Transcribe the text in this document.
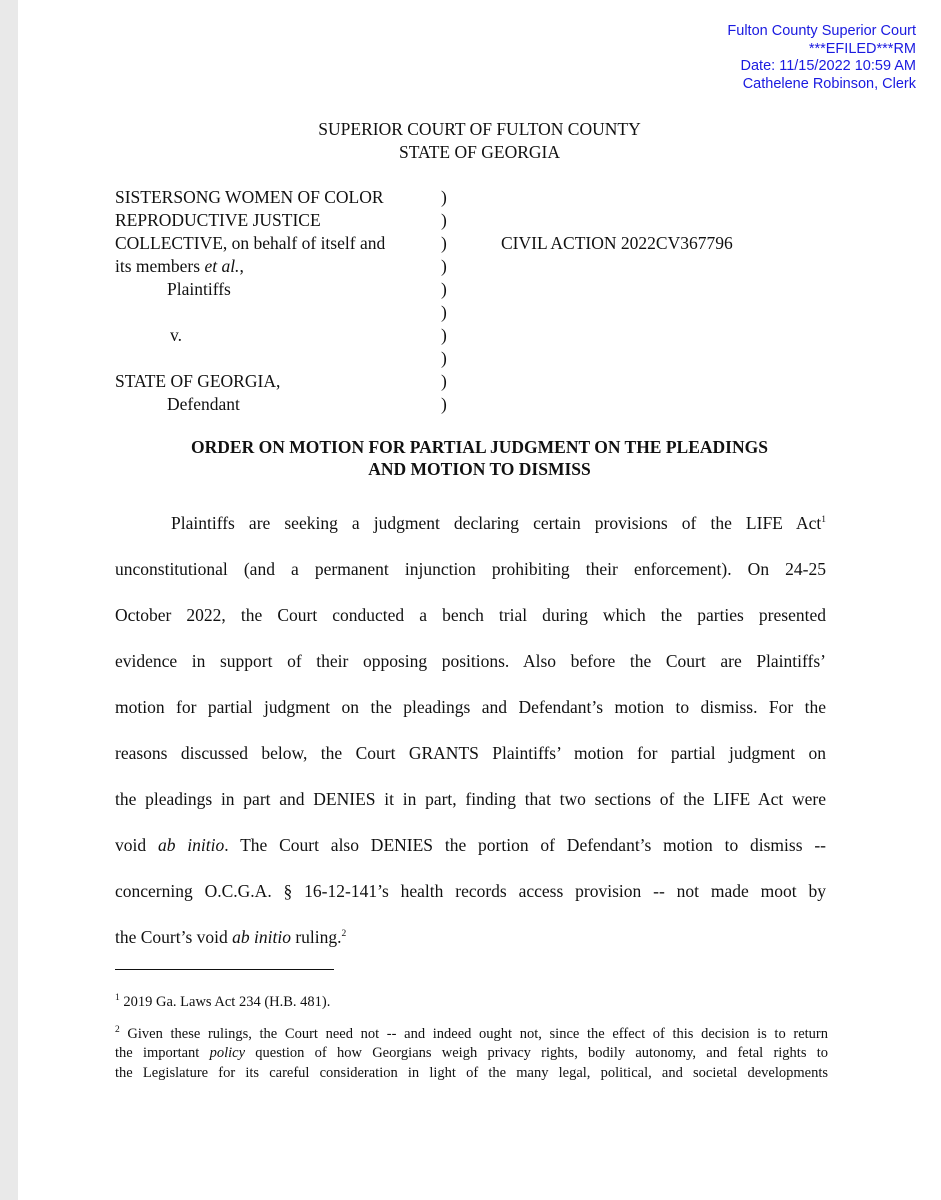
Fulton County Superior Court
***EFILED***RM
Date: 11/15/2022 10:59 AM
Cathelene Robinson, Clerk
SUPERIOR COURT OF FULTON COUNTY
STATE OF GEORGIA
SISTERSONG WOMEN OF COLOR
REPRODUCTIVE JUSTICE
COLLECTIVE, on behalf of itself and
its members et al.,
Plaintiffs
v.
STATE OF GEORGIA,
Defendant
)
)
)
)
)
)
)
)
)
)
CIVIL ACTION 2022CV367796
ORDER ON MOTION FOR PARTIAL JUDGMENT ON THE PLEADINGS
AND MOTION TO DISMISS
Plaintiffs are seeking a judgment declaring certain provisions of the LIFE Act$^1$
unconstitutional (and a permanent injunction prohibiting their enforcement). On 24-25
October 2022, the Court conducted a bench trial during which the parties presented
evidence in support of their opposing positions. Also before the Court are Plaintiffs’
motion for partial judgment on the pleadings and Defendant’s motion to dismiss. For the
reasons discussed below, the Court GRANTS Plaintiffs’ motion for partial judgment on
the pleadings in part and DENIES it in part, finding that two sections of the LIFE Act were
void ab initio. The Court also DENIES the portion of Defendant’s motion to dismiss --
concerning O.C.G.A. § 16-12-141’s health records access provision -- not made moot by
the Court’s void ab initio ruling.$^2$

$^1$ 2019 Ga. Laws Act 234 (H.B. 481).

$^2$ Given these rulings, the Court need not -- and indeed ought not, since the effect of this decision is to return
the important policy question of how Georgians weigh privacy rights, bodily autonomy, and fetal rights to
the Legislature for its careful consideration in light of the many legal, political, and societal developments
